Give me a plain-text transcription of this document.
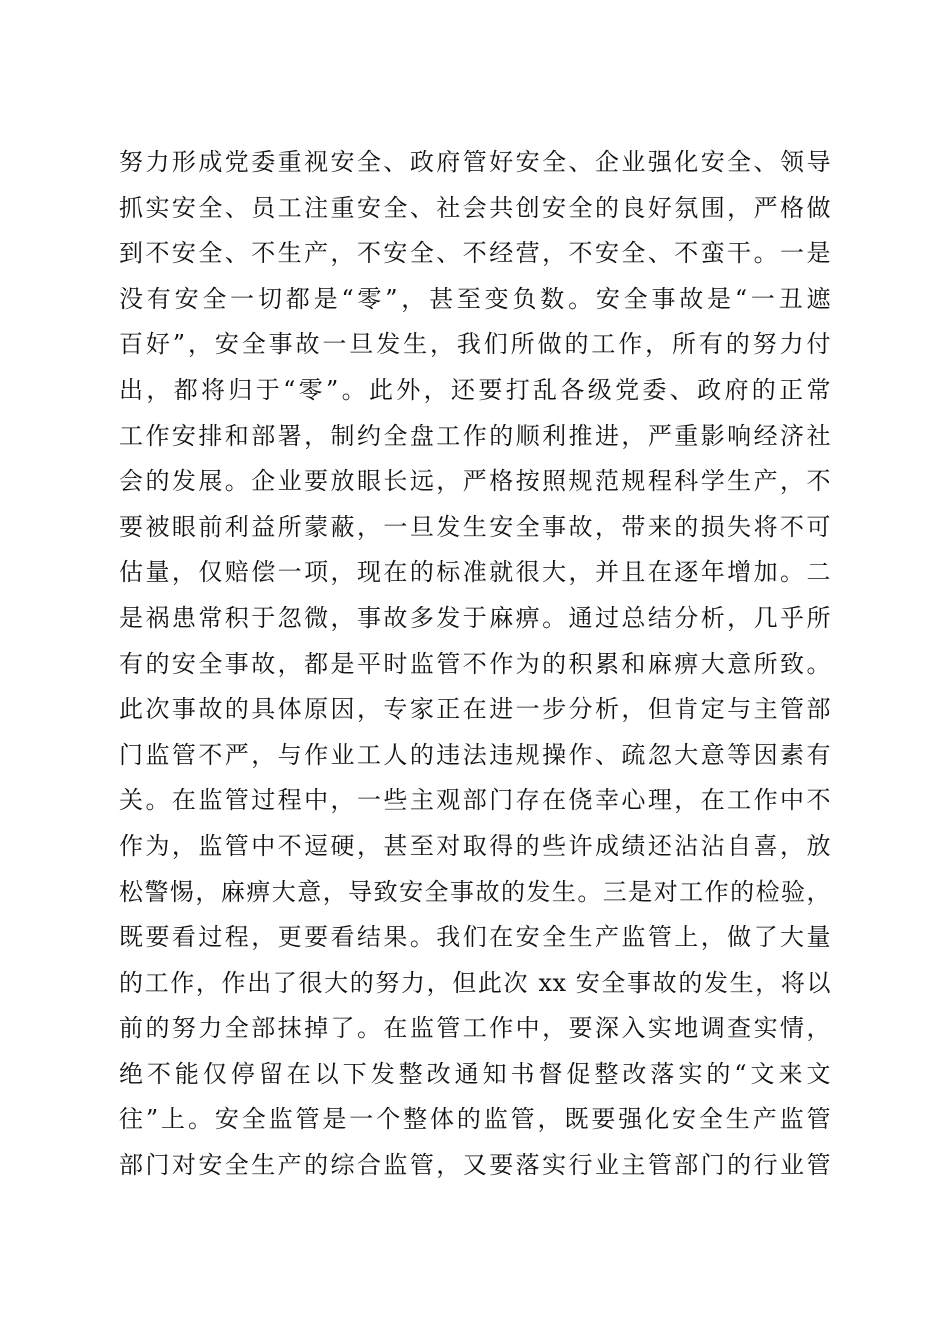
努力形成党委重视安全、政府管好安全、企业强化安全、领导
抓实安全、员工注重安全、社会共创安全的良好氛围，严格做
到不安全、不生产，不安全、不经营，不安全、不蛮干。一是
没有安全一切都是“零”，甚至变负数。安全事故是“一丑遮
百好”，安全事故一旦发生，我们所做的工作，所有的努力付
出，都将归于“零”。此外，还要打乱各级党委、政府的正常
工作安排和部署，制约全盘工作的顺利推进，严重影响经济社
会的发展。企业要放眼长远，严格按照规范规程科学生产，不
要被眼前利益所蒙蔽，一旦发生安全事故，带来的损失将不可
估量，仅赔偿一项，现在的标准就很大，并且在逐年增加。二
是祸患常积于忽微，事故多发于麻痹。通过总结分析，几乎所
有的安全事故，都是平时监管不作为的积累和麻痹大意所致。
此次事故的具体原因，专家正在进一步分析，但肯定与主管部
门监管不严，与作业工人的违法违规操作、疏忽大意等因素有
关。在监管过程中，一些主观部门存在侥幸心理，在工作中不
作为，监管中不逗硬，甚至对取得的些许成绩还沾沾自喜，放
松警惕，麻痹大意，导致安全事故的发生。三是对工作的检验，
既要看过程，更要看结果。我们在安全生产监管上，做了大量
的工作，作出了很大的努力，但此次 xx 安全事故的发生，将以
前的努力全部抹掉了。在监管工作中，要深入实地调查实情，
绝不能仅停留在以下发整改通知书督促整改落实的“文来文
往”上。安全监管是一个整体的监管，既要强化安全生产监管
部门对安全生产的综合监管，又要落实行业主管部门的行业管
